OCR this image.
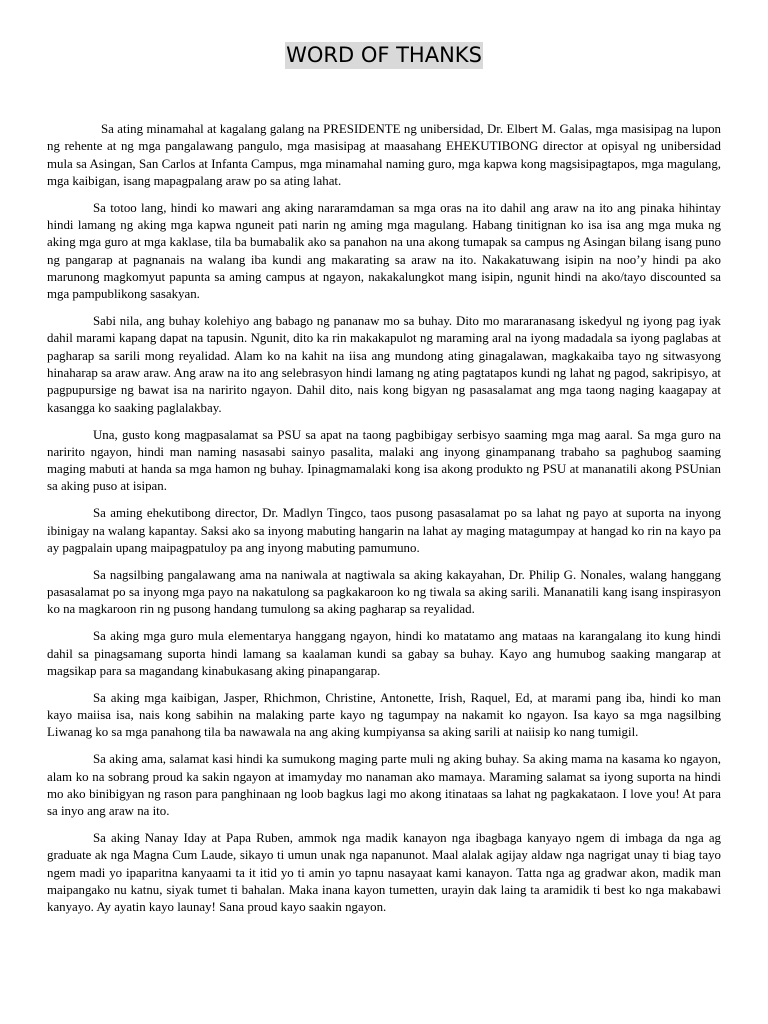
WORD OF THANKS

Sa ating minamahal at kagalang galang na PRESIDENTE ng unibersidad, Dr. Elbert M. Galas, mga masisipag na lupon ng rehente at ng mga pangalawang pangulo, mga masisipag at maasahang EHEKUTIBONG director at opisyal ng unibersidad mula sa Asingan, San Carlos at Infanta Campus, mga minamahal naming guro, mga kapwa kong magsisipagtapos, mga magulang, mga kaibigan, isang mapagpalang araw po sa ating lahat.

Sa totoo lang, hindi ko mawari ang aking nararamdaman sa mga oras na ito dahil ang araw na ito ang pinaka hihintay hindi lamang ng aking mga kapwa nguneit pati narin ng aming mga magulang. Habang tinitignan ko isa isa ang mga muka ng aking mga guro at mga kaklase, tila ba bumabalik ako sa panahon na una akong tumapak sa campus ng Asingan bilang isang puno ng pangarap at pagnanais na walang iba kundi ang makarating sa araw na ito. Nakakatuwang isipin na noo’y hindi pa ako marunong magkomyut papunta sa aming campus at ngayon, nakakalungkot mang isipin, ngunit hindi na ako/tayo discounted sa mga pampublikong sasakyan.

Sabi nila, ang buhay kolehiyo ang babago ng pananaw mo sa buhay. Dito mo mararanasang iskedyul ng iyong pag iyak dahil marami kapang dapat na tapusin. Ngunit, dito ka rin makakapulot ng maraming aral na iyong madadala sa iyong paglabas at pagharap sa sarili mong reyalidad. Alam ko na kahit na iisa ang mundong ating ginagalawan, magkakaiba tayo ng sitwasyong hinaharap sa araw araw. Ang araw na ito ang selebrasyon hindi lamang ng ating pagtatapos kundi ng lahat ng pagod, sakripisyo, at pagpupursige ng bawat isa na naririto ngayon. Dahil dito, nais kong bigyan ng pasasalamat ang mga taong naging kaagapay at kasangga ko saaking paglalakbay.

Una, gusto kong magpasalamat sa PSU sa apat na taong pagbibigay serbisyo saaming mga mag aaral. Sa mga guro na naririto ngayon, hindi man naming nasasabi sainyo pasalita, malaki ang inyong ginampanang trabaho sa paghubog saaming maging mabuti at handa sa mga hamon ng buhay. Ipinagmamalaki kong isa akong produkto ng PSU at mananatili akong PSUnian sa aking puso at isipan.

Sa aming ehekutibong director, Dr. Madlyn Tingco, taos pusong pasasalamat po sa lahat ng payo at suporta na inyong ibinigay na walang kapantay. Saksi ako sa inyong mabuting hangarin na lahat ay maging matagumpay at hangad ko rin na kayo pa ay pagpalain upang maipagpatuloy pa ang inyong mabuting pamumuno.

Sa nagsilbing pangalawang ama na naniwala at nagtiwala sa aking kakayahan, Dr. Philip G. Nonales, walang hanggang pasasalamat po sa inyong mga payo na nakatulong sa pagkakaroon ko ng tiwala sa aking sarili. Mananatili kang isang inspirasyon ko na magkaroon rin ng pusong handang tumulong sa aking pagharap sa reyalidad.

Sa aking mga guro mula elementarya hanggang ngayon, hindi ko matatamo ang mataas na karangalang ito kung hindi dahil sa pinagsamang suporta hindi lamang sa kaalaman kundi sa gabay sa buhay. Kayo ang humubog saaking mangarap at magsikap para sa magandang kinabukasang aking pinapangarap.

Sa aking mga kaibigan, Jasper, Rhichmon, Christine, Antonette, Irish, Raquel, Ed, at marami pang iba, hindi ko man kayo maiisa isa, nais kong sabihin na malaking parte kayo ng tagumpay na nakamit ko ngayon. Isa kayo sa mga nagsilbing Liwanag ko sa mga panahong tila ba nawawala na ang aking kumpiyansa sa aking sarili at naiisip ko nang tumigil.

Sa aking ama, salamat kasi hindi ka sumukong maging parte muli ng aking buhay. Sa aking mama na kasama ko ngayon, alam ko na sobrang proud ka sakin ngayon at imamyday mo nanaman ako mamaya. Maraming salamat sa iyong suporta na hindi mo ako binibigyan ng rason para panghinaan ng loob bagkus lagi mo akong itinataas sa lahat ng pagkakataon. I love you! At para sa inyo ang araw na ito.

Sa aking Nanay Iday at Papa Ruben, ammok nga madik kanayon nga ibagbaga kanyayo ngem di imbaga da nga ag graduate ak nga Magna Cum Laude, sikayo ti umun unak nga napanunot. Maal alalak agijay aldaw nga nagrigat unay ti biag tayo ngem madi yo ipaparitna kanyaami ta it itid yo ti amin yo tapnu nasayaat kami kanayon. Tatta nga ag gradwar akon, madik man maipangako nu katnu, siyak tumet ti bahalan. Maka inana kayon tumetten, urayin dak laing ta aramidik ti best ko nga makabawi kanyayo. Ay ayatin kayo launay! Sana proud kayo saakin ngayon.
